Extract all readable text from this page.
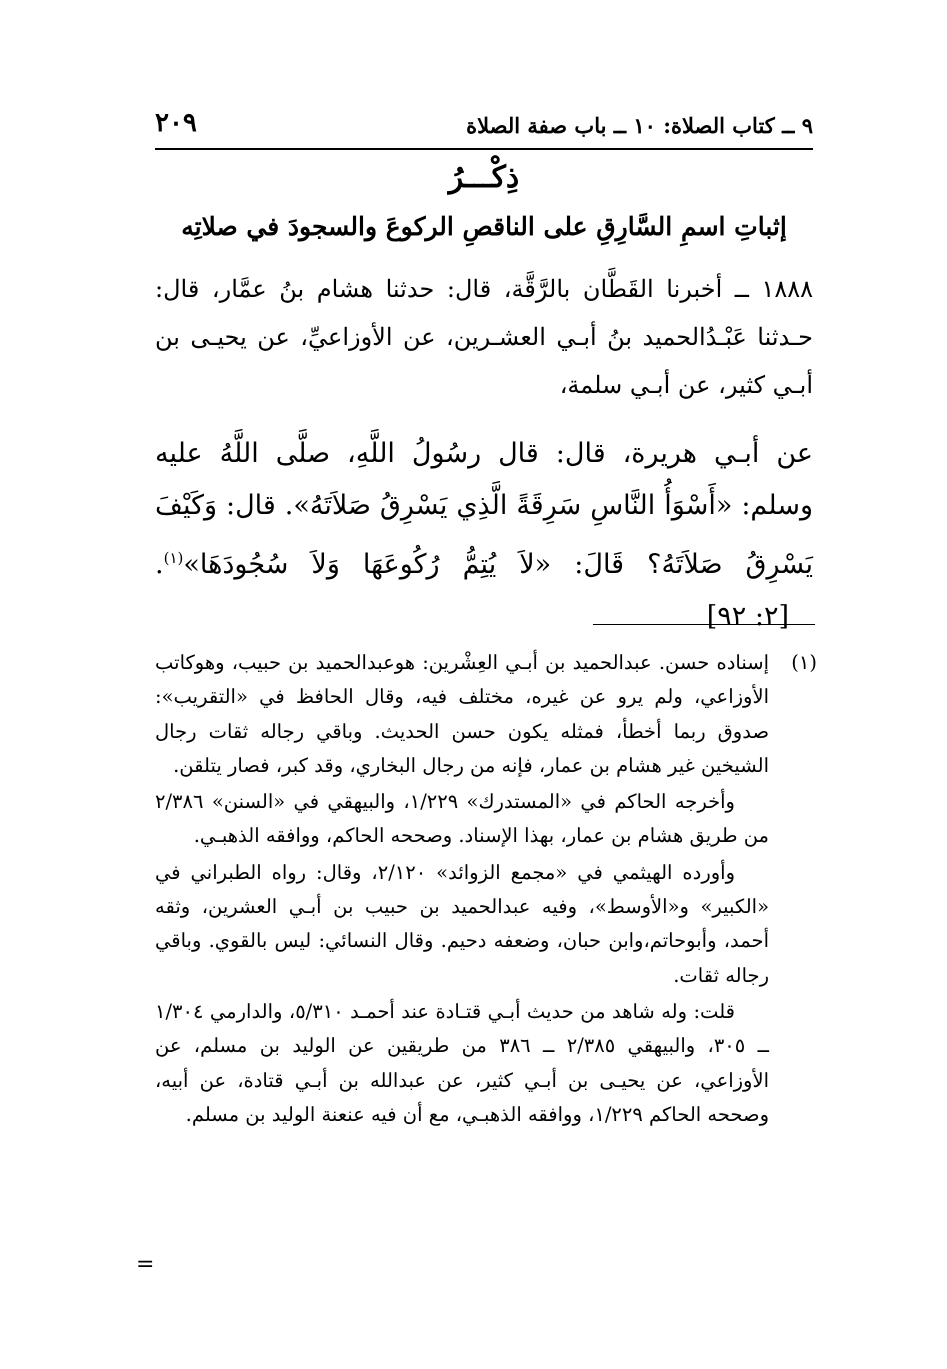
٩ ــ كتاب الصلاة: ١٠ ــ باب صفة الصلاة
٢٠٩
ذِكْـــرُ
إثباتِ اسمِ السَّارِقِ على الناقصِ الركوعَ والسجودَ في صلاتِه
١٨٨٨ ــ أخبرنا القَطَّان بالرَّقَّة، قال: حدثنا هشام بنُ عمَّار، قال: حـدثنا عَبْـدُالحميد بنُ أبـي العشـرين، عن الأوزاعيِّ، عن يحيـى بن أبـي كثير، عن أبـي سلمة،
عن أبـي هريرة، قال: قال رسُولُ اللَّهِ، صلَّى اللَّهُ عليه وسلم: «أَسْوَأُ النَّاسِ سَرِقَةً الَّذِي يَسْرِقُ صَلاَتَهُ». قال: وَكَيْفَ يَسْرِقُ صَلاَتَهُ؟ قَالَ: «لاَ يُتِمُّ رُكُوعَهَا وَلاَ سُجُودَهَا»$^{(١)}$.[٢: ٩٢]
(١)
إسناده حسن. عبدالحميد بن أبـي العِشْرين: هوعبدالحميد بن حبيب، وهوكاتب الأوزاعي، ولم يرو عن غيره، مختلف فيه، وقال الحافظ في «التقريب»: صدوق ربما أخطأ، فمثله يكون حسن الحديث. وباقي رجاله ثقات رجال الشيخين غير هشام بن عمار، فإنه من رجال البخاري، وقد كبر، فصار يتلقن.
وأخرجه الحاكم في «المستدرك» ١/٢٢٩، والبيهقي في «السنن» ٢/٣٨٦ من طريق هشام بن عمار، بهذا الإسناد. وصححه الحاكم، ووافقه الذهبـي.
وأورده الهيثمي في «مجمع الزوائد» ٢/١٢٠، وقال: رواه الطبراني في «الكبير» و«الأوسط»، وفيه عبدالحميد بن حبيب بن أبـي العشرين، وثقه أحمد، وأبوحاتم،وابن حبان، وضعفه دحيم. وقال النسائي: ليس بالقوي. وباقي رجاله ثقات.
قلت: وله شاهد من حديث أبـي قتـادة عند أحمـد ٥/٣١٠، والدارمي ١/٣٠٤ ــ ٣٠٥، والبيهقي ٢/٣٨٥ ــ ٣٨٦ من طريقين عن الوليد بن مسلم، عن الأوزاعي، عن يحيـى بن أبـي كثير، عن عبدالله بن أبـي قتادة، عن أبيه، وصححه الحاكم ١/٢٢٩، ووافقه الذهبـي، مع أن فيه عنعنة الوليد بن مسلم.
=
